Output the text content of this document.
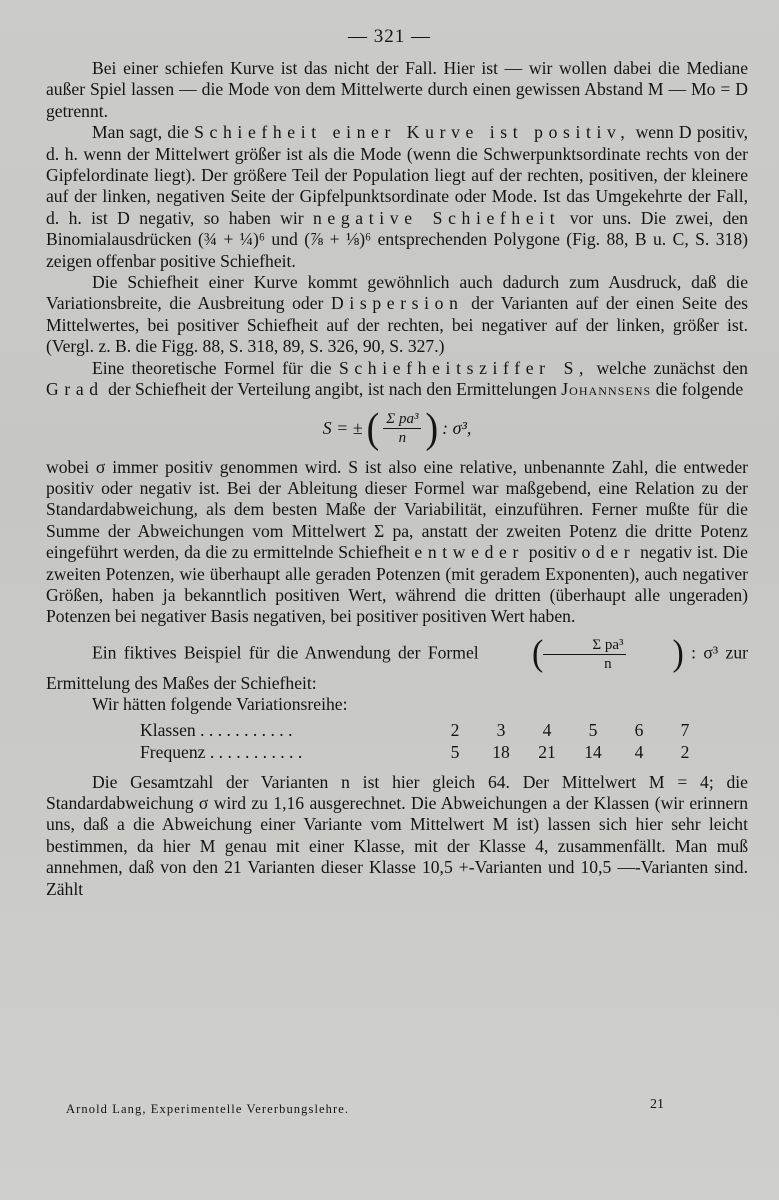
— 321 —

Bei einer schiefen Kurve ist das nicht der Fall. Hier ist — wir wollen dabei die Mediane außer Spiel lassen — die Mode von dem Mittelwerte durch einen gewissen Abstand M — Mo = D getrennt.

Man sagt, die Schiefheit einer Kurve ist positiv, wenn D positiv, d. h. wenn der Mittelwert größer ist als die Mode (wenn die Schwerpunktsordinate rechts von der Gipfelordinate liegt). Der größere Teil der Population liegt auf der rechten, positiven, der kleinere auf der linken, negativen Seite der Gipfelpunktsordinate oder Mode. Ist das Umgekehrte der Fall, d. h. ist D negativ, so haben wir negative Schiefheit vor uns. Die zwei, den Binomialausdrücken (¾ + ¼)⁶ und (⅞ + ⅛)⁶ entsprechenden Polygone (Fig. 88, B u. C, S. 318) zeigen offenbar positive Schiefheit.

Die Schiefheit einer Kurve kommt gewöhnlich auch dadurch zum Ausdruck, daß die Variationsbreite, die Ausbreitung oder Dispersion der Varianten auf der einen Seite des Mittelwertes, bei positiver Schiefheit auf der rechten, bei negativer auf der linken, größer ist. (Vergl. z. B. die Figg. 88, S. 318, 89, S. 326, 90, S. 327.)

Eine theoretische Formel für die Schiefheitsziffer S, welche zunächst den Grad der Schiefheit der Verteilung angibt, ist nach den Ermittelungen Johannsens die folgende

S = ± ( $\frac{\text{Σ pa³}}{n}$ ) : σ³,

wobei σ immer positiv genommen wird. S ist also eine relative, unbenannte Zahl, die entweder positiv oder negativ ist. Bei der Ableitung dieser Formel war maßgebend, eine Relation zu der Standardabweichung, als dem besten Maße der Variabilität, einzuführen. Ferner mußte für die Summe der Abweichungen vom Mittelwert Σ pa, anstatt der zweiten Potenz die dritte Potenz eingeführt werden, da die zu ermittelnde Schiefheit entweder positiv oder negativ ist. Die zweiten Potenzen, wie überhaupt alle geraden Potenzen (mit geradem Exponenten), auch negativer Größen, haben ja bekanntlich positiven Wert, während die dritten (überhaupt alle ungeraden) Potenzen bei negativer Basis negativen, bei positiver positiven Wert haben.

Ein fiktives Beispiel für die Anwendung der Formel	( $\frac{\text{Σ pa³}}{n}$	) : σ³ zur Ermittelung des Maßes der Schiefheit:

Wir hätten folgende Variationsreihe:

Klassen . . . . . . . . . . .	2	3	4	5	6	7
Frequenz . . . . . . . . . . .	5	18	21	14	4	2

Die Gesamtzahl der Varianten n ist hier gleich 64. Der Mittelwert M = 4; die Standardabweichung σ wird zu 1,16 ausgerechnet. Die Abweichungen a der Klassen (wir erinnern uns, daß a die Abweichung einer Variante vom Mittelwert M ist) lassen sich hier sehr leicht bestimmen, da hier M genau mit einer Klasse, mit der Klasse 4, zusammenfällt. Man muß annehmen, daß von den 21 Varianten dieser Klasse 10,5 +-Varianten und 10,5 —-Varianten sind. Zählt

Arnold Lang, Experimentelle Vererbungslehre.	21
